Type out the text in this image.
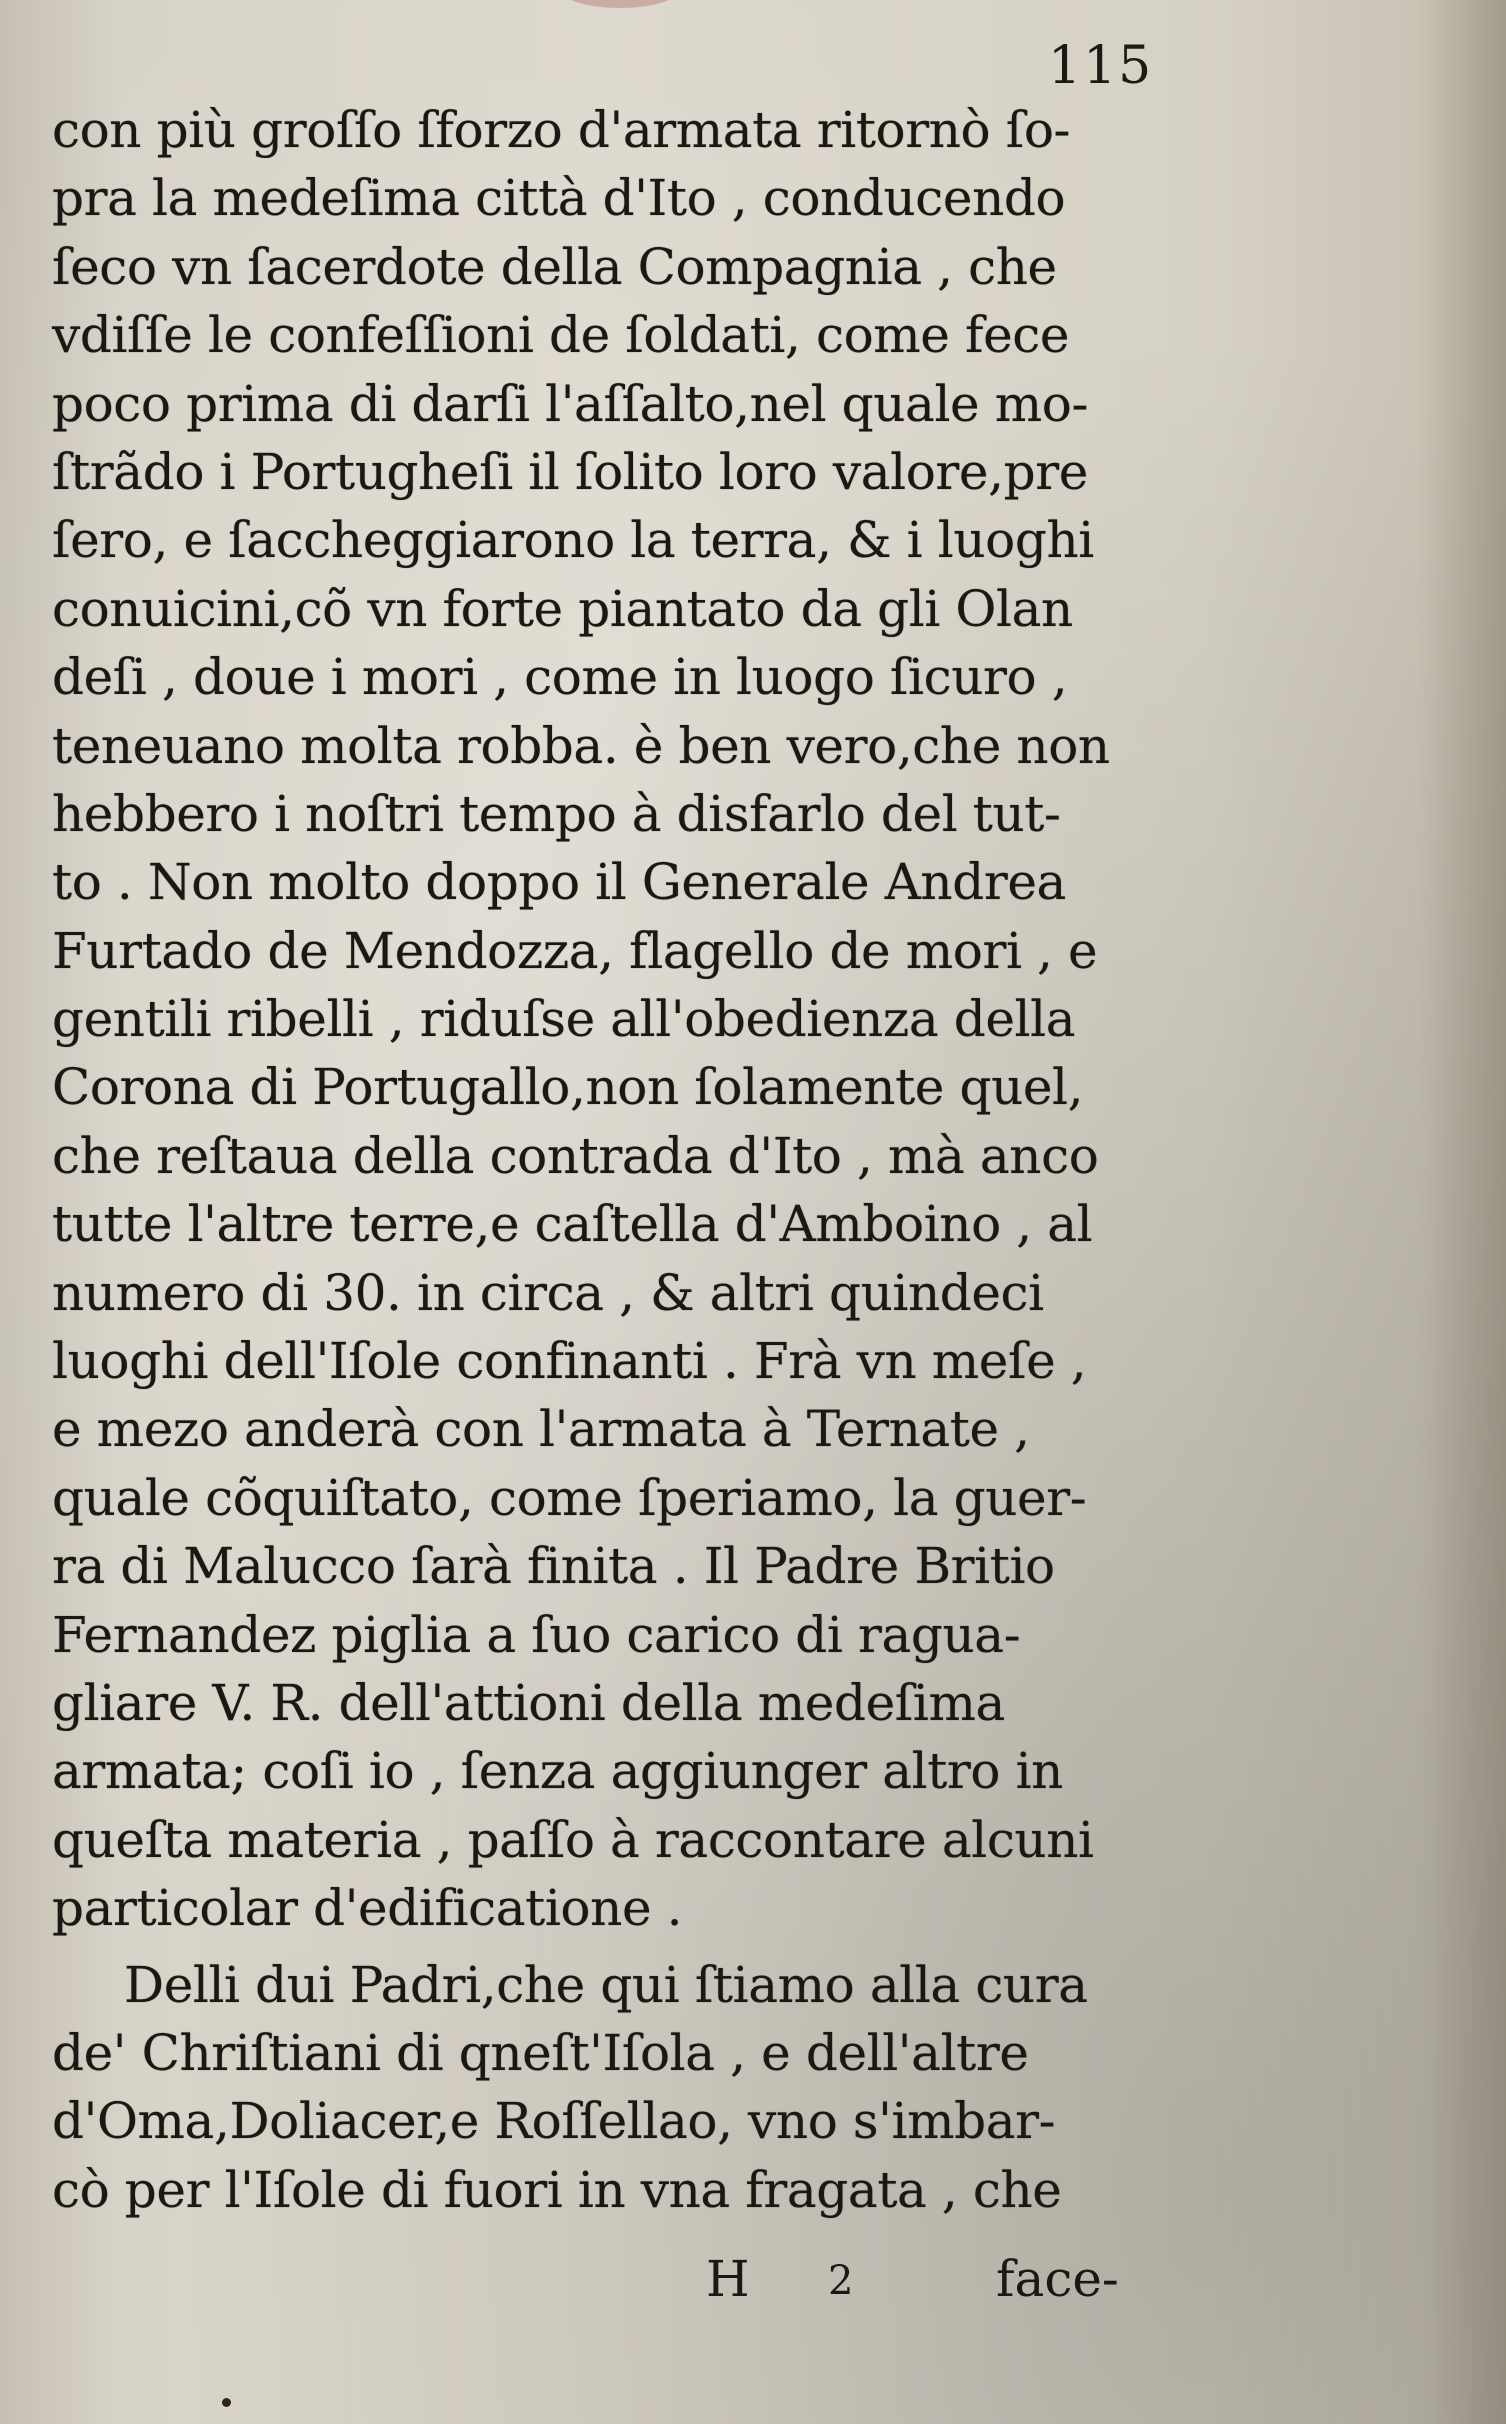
115
con più groſſo ſforzo d'armata ritornò ſo-
pra la medeſima città d'Ito , conducendo
ſeco vn ſacerdote della Compagnia , che
vdiſſe le confeſſioni de ſoldati, come fece
poco prima di darſi l'aſſalto,nel quale mo-
ſtrãdo i Portugheſi il ſolito loro valore,pre
ſero, e ſaccheggiarono la terra, & i luoghi
conuicini,cõ vn forte piantato da gli Olan
deſi , doue i mori , come in luogo ſicuro ,
teneuano molta robba. è ben vero,che non
hebbero i noſtri tempo à disfarlo del tut-
to . Non molto doppo il Generale Andrea
Furtado de Mendozza, flagello de mori , e
gentili ribelli , riduſse all'obedienza della
Corona di Portugallo,non ſolamente quel,
che reſtaua della contrada d'Ito , mà anco
tutte l'altre terre,e caſtella d'Amboino , al
numero di 30. in circa , & altri quindeci
luoghi dell'Iſole confinanti . Frà vn meſe ,
e mezo anderà con l'armata à Ternate ,
quale cõquiſtato, come ſperiamo, la guer-
ra di Malucco ſarà finita . Il Padre Britio
Fernandez piglia a ſuo carico di ragua-
gliare V. R. dell'attioni della medeſima
armata; coſi io , ſenza aggiunger altro in
queſta materia , paſſo à raccontare alcuni
particolar d'edificatione .
Delli dui Padri,che qui ſtiamo alla cura
de' Chriſtiani di qneſt'Iſola , e dell'altre
d'Oma,Doliacer,e Roſſellao, vno s'imbar-
cò per l'Iſole di fuori in vna fragata , che
H 2	face-
